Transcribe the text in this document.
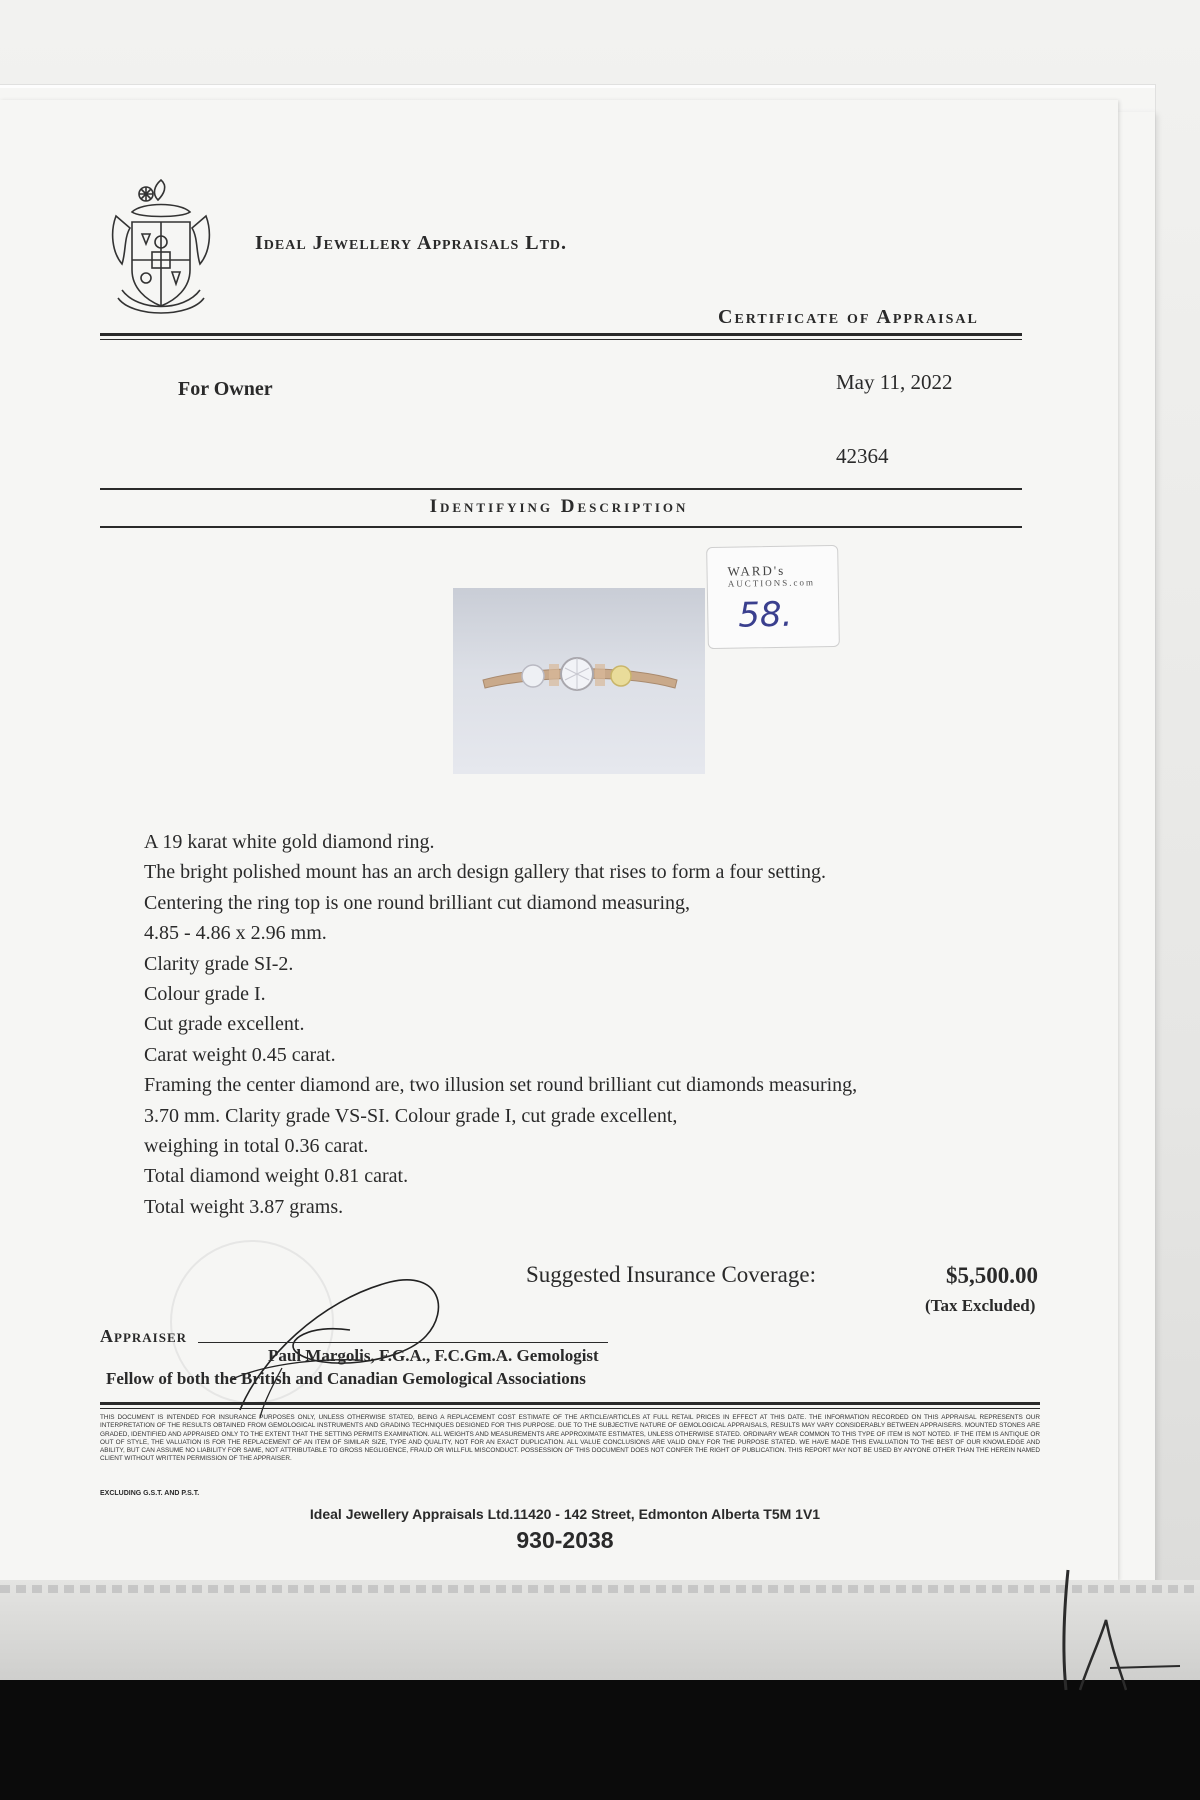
Ideal Jewellery Appraisals Ltd.
Certificate of Appraisal
For Owner	May 11, 2022
42364
Identifying Description
WARD's
AUCTIONS.com
58.
A 19 karat white gold diamond ring.
The bright polished mount has an arch design gallery that rises to form a four setting.
Centering the ring top is one round brilliant cut diamond measuring,
4.85 - 4.86 x 2.96 mm.
Clarity grade SI-2.
Colour grade I.
Cut grade excellent.
Carat weight 0.45 carat.
Framing the center diamond are, two illusion set round brilliant cut diamonds measuring,
3.70 mm. Clarity grade VS-SI. Colour grade I, cut grade excellent,
weighing in total 0.36 carat.
Total diamond weight 0.81 carat.
Total weight 3.87 grams.
Suggested Insurance Coverage:	$5,500.00
(Tax Excluded)
Appraiser
Paul Margolis, F.G.A., F.C.Gm.A. Gemologist
Fellow of both the British and Canadian Gemological Associations
THIS DOCUMENT IS INTENDED FOR INSURANCE PURPOSES ONLY, UNLESS OTHERWISE STATED, BEING A REPLACEMENT COST ESTIMATE OF THE ARTICLE/ARTICLES AT FULL RETAIL PRICES IN EFFECT AT THIS DATE. THE INFORMATION RECORDED ON THIS APPRAISAL REPRESENTS OUR INTERPRETATION OF THE RESULTS OBTAINED FROM GEMOLOGICAL INSTRUMENTS AND GRADING TECHNIQUES DESIGNED FOR THIS PURPOSE. DUE TO THE SUBJECTIVE NATURE OF GEMOLOGICAL APPRAISALS, RESULTS MAY VARY CONSIDERABLY BETWEEN APPRAISERS. MOUNTED STONES ARE GRADED, IDENTIFIED AND APPRAISED ONLY TO THE EXTENT THAT THE SETTING PERMITS EXAMINATION. ALL WEIGHTS AND MEASUREMENTS ARE APPROXIMATE ESTIMATES, UNLESS OTHERWISE STATED. ORDINARY WEAR COMMON TO THIS TYPE OF ITEM IS NOT NOTED. IF THE ITEM IS ANTIQUE OR OUT OF STYLE, THE VALUATION IS FOR THE REPLACEMENT OF AN ITEM OF SIMILAR SIZE, TYPE AND QUALITY, NOT FOR AN EXACT DUPLICATION. ALL VALUE CONCLUSIONS ARE VALID ONLY FOR THE PURPOSE STATED. WE HAVE MADE THIS EVALUATION TO THE BEST OF OUR KNOWLEDGE AND ABILITY, BUT CAN ASSUME NO LIABILITY FOR SAME, NOT ATTRIBUTABLE TO GROSS NEGLIGENCE, FRAUD OR WILLFUL MISCONDUCT. POSSESSION OF THIS DOCUMENT DOES NOT CONFER THE RIGHT OF PUBLICATION. THIS REPORT MAY NOT BE USED BY ANYONE OTHER THAN THE HEREIN NAMED CLIENT WITHOUT WRITTEN PERMISSION OF THE APPRAISER.
EXCLUDING G.S.T. AND P.S.T.
Ideal Jewellery Appraisals Ltd.11420 - 142 Street, Edmonton Alberta T5M 1V1
930-2038
